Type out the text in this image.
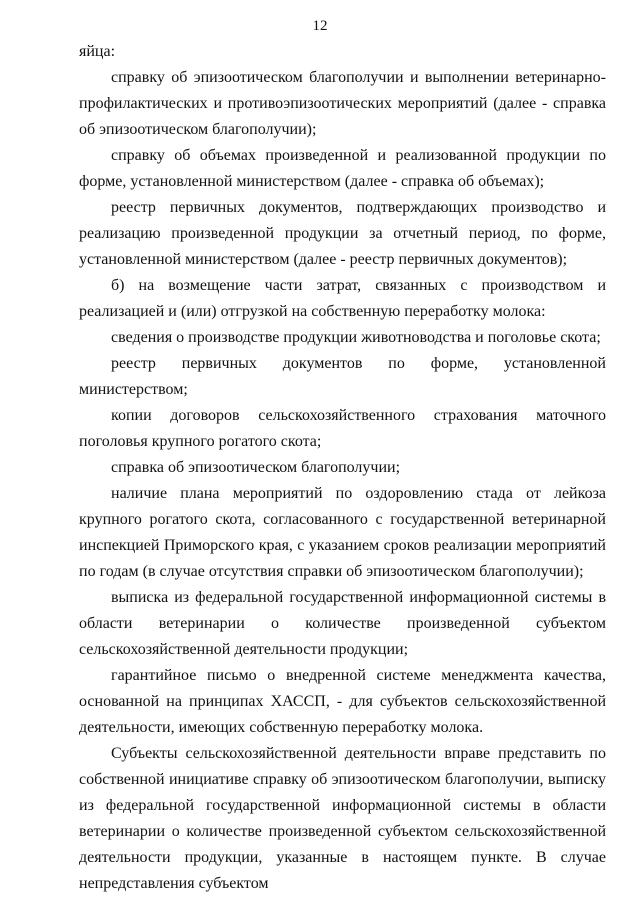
12

яйца:

справку об эпизоотическом благополучии и выполнении ветеринарно-профилактических и противоэпизоотических мероприятий (далее - справка об эпизоотическом благополучии);

справку об объемах произведенной и реализованной продукции по форме, установленной министерством (далее - справка об объемах);

реестр первичных документов, подтверждающих производство и реализацию произведенной продукции за отчетный период, по форме, установленной министерством (далее - реестр первичных документов);

б) на возмещение части затрат, связанных с производством и реализацией и (или) отгрузкой на собственную переработку молока:

сведения о производстве продукции животноводства и поголовье скота;

реестр первичных документов по форме, установленной министерством;

копии договоров сельскохозяйственного страхования маточного поголовья крупного рогатого скота;

справка об эпизоотическом благополучии;

наличие плана мероприятий по оздоровлению стада от лейкоза крупного рогатого скота, согласованного с государственной ветеринарной инспекцией Приморского края, с указанием сроков реализации мероприятий по годам (в случае отсутствия справки об эпизоотическом благополучии);

выписка из федеральной государственной информационной системы в области ветеринарии о количестве произведенной субъектом сельскохозяйственной деятельности продукции;

гарантийное письмо о внедренной системе менеджмента качества, основанной на принципах ХАССП, - для субъектов сельскохозяйственной деятельности, имеющих собственную переработку молока.

Субъекты сельскохозяйственной деятельности вправе представить по собственной инициативе справку об эпизоотическом благополучии, выписку из федеральной государственной информационной системы в области ветеринарии о количестве произведенной субъектом сельскохозяйственной деятельности продукции, указанные в настоящем пункте. В случае непредставления субъектом
